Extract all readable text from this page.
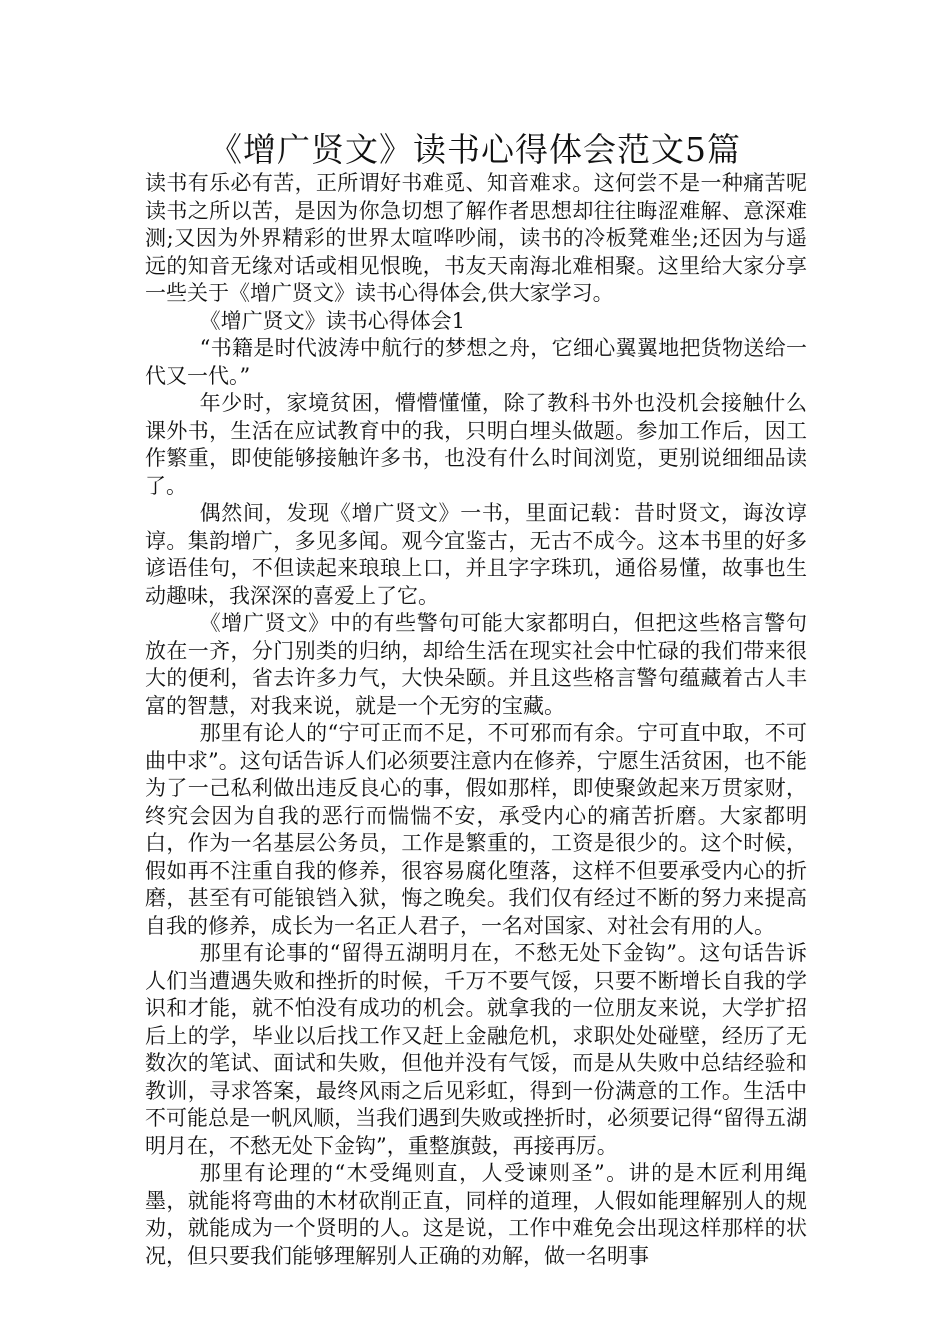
《增广贤文》读书心得体会范文5篇

读书有乐必有苦，正所谓好书难觅、知音难求。这何尝不是一种痛苦呢读书之所以苦，是因为你急切想了解作者思想却往往晦涩难解、意深难测;又因为外界精彩的世界太喧哗吵闹，读书的冷板凳难坐;还因为与遥远的知音无缘对话或相见恨晚，书友天南海北难相聚。这里给大家分享一些关于《增广贤文》读书心得体会,供大家学习。

《增广贤文》读书心得体会1

“书籍是时代波涛中航行的梦想之舟，它细心翼翼地把货物送给一代又一代。”

年少时，家境贫困，懵懵懂懂，除了教科书外也没机会接触什么课外书，生活在应试教育中的我，只明白埋头做题。参加工作后，因工作繁重，即使能够接触许多书，也没有什么时间浏览，更别说细细品读了。

偶然间，发现《增广贤文》一书，里面记载：昔时贤文，诲汝谆谆。集韵增广，多见多闻。观今宜鉴古，无古不成今。这本书里的好多谚语佳句，不但读起来琅琅上口，并且字字珠玑，通俗易懂，故事也生动趣味，我深深的喜爱上了它。

《增广贤文》中的有些警句可能大家都明白，但把这些格言警句放在一齐，分门别类的归纳，却给生活在现实社会中忙碌的我们带来很大的便利，省去许多力气，大快朵颐。并且这些格言警句蕴藏着古人丰富的智慧，对我来说，就是一个无穷的宝藏。

那里有论人的“宁可正而不足，不可邪而有余。宁可直中取，不可曲中求”。这句话告诉人们必须要注意内在修养，宁愿生活贫困，也不能为了一己私利做出违反良心的事，假如那样，即使聚敛起来万贯家财，终究会因为自我的恶行而惴惴不安，承受内心的痛苦折磨。大家都明白，作为一名基层公务员，工作是繁重的，工资是很少的。这个时候，假如再不注重自我的修养，很容易腐化堕落，这样不但要承受内心的折磨，甚至有可能锒铛入狱，悔之晚矣。我们仅有经过不断的努力来提高自我的修养，成长为一名正人君子，一名对国家、对社会有用的人。

那里有论事的“留得五湖明月在，不愁无处下金钩”。这句话告诉人们当遭遇失败和挫折的时候，千万不要气馁，只要不断增长自我的学识和才能，就不怕没有成功的机会。就拿我的一位朋友来说，大学扩招后上的学，毕业以后找工作又赶上金融危机，求职处处碰壁，经历了无数次的笔试、面试和失败，但他并没有气馁，而是从失败中总结经验和教训，寻求答案，最终风雨之后见彩虹，得到一份满意的工作。生活中不可能总是一帆风顺，当我们遇到失败或挫折时，必须要记得“留得五湖明月在，不愁无处下金钩”，重整旗鼓，再接再厉。

那里有论理的“木受绳则直，人受谏则圣”。讲的是木匠利用绳墨，就能将弯曲的木材砍削正直，同样的道理，人假如能理解别人的规劝，就能成为一个贤明的人。这是说，工作中难免会出现这样那样的状况，但只要我们能够理解别人正确的劝解，做一名明事
